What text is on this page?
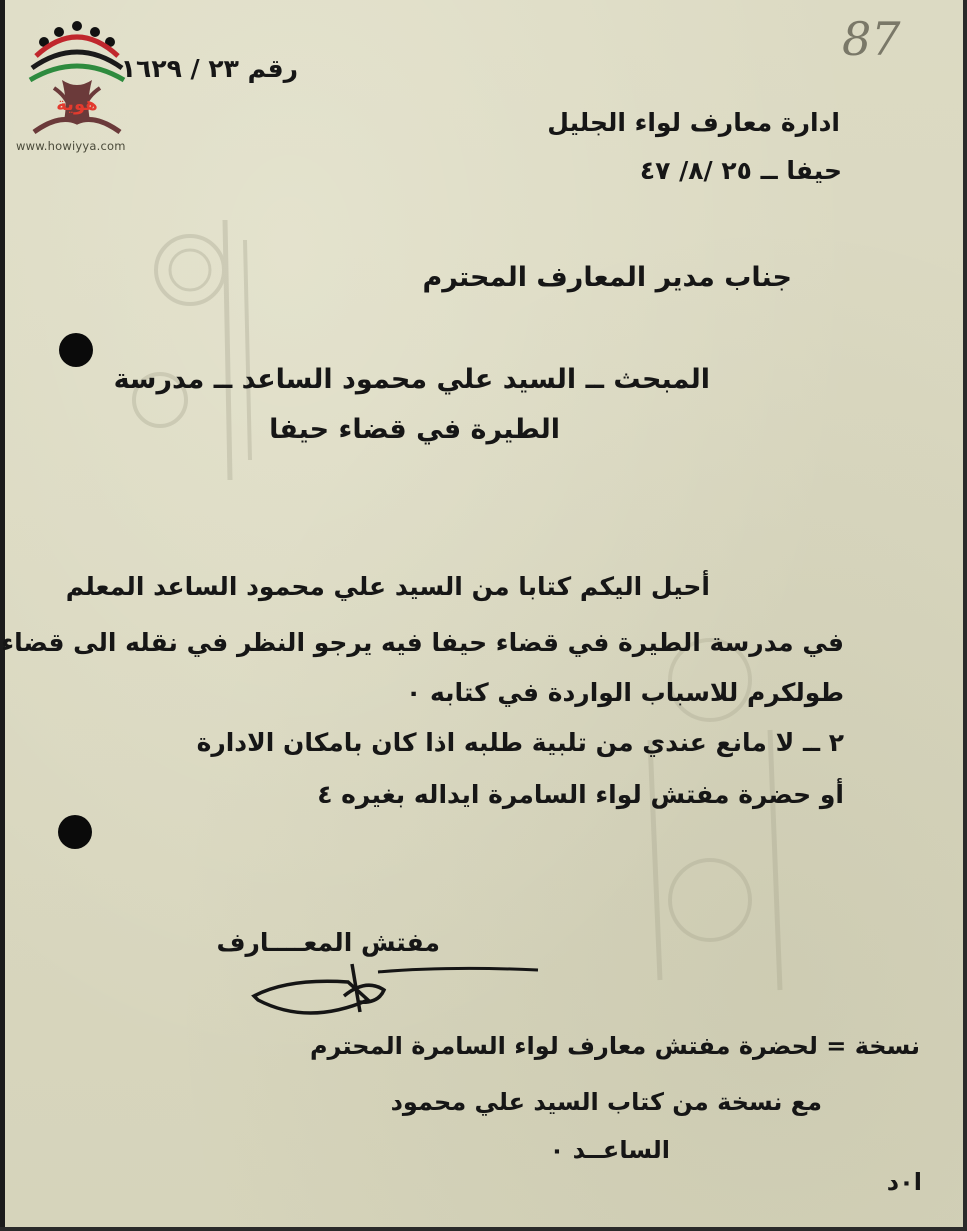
هوية
www.howiyya.com
87
رقم ٢٣ / ١٦٢٩
ادارة معارف لواء الجليل
حيفا ــ ٢٥ /٨/ ٤٧
جناب مدير المعارف المحترم
المبحث ــ السيد علي محمود الساعد ــ مدرسة
الطيرة في قضاء حيفا
أحيل اليكم كتابا من السيد علي محمود الساعد المعلم
في مدرسة الطيرة في قضاء حيفا فيه يرجو النظر في نقله الى قضاء
طولكرم للاسباب الواردة في كتابه ٠
٢ ــ لا مانع عندي من تلبية طلبه اذا كان بامكان الادارة
أو حضرة مفتش لواء السامرة ايداله بغيره ٤
مفتش المعــــارف
نسخة = لحضرة مفتش معارف لواء السامرة المحترم
مع نسخة من كتاب السيد علي محمود
الساعــد ٠
ا٠د
